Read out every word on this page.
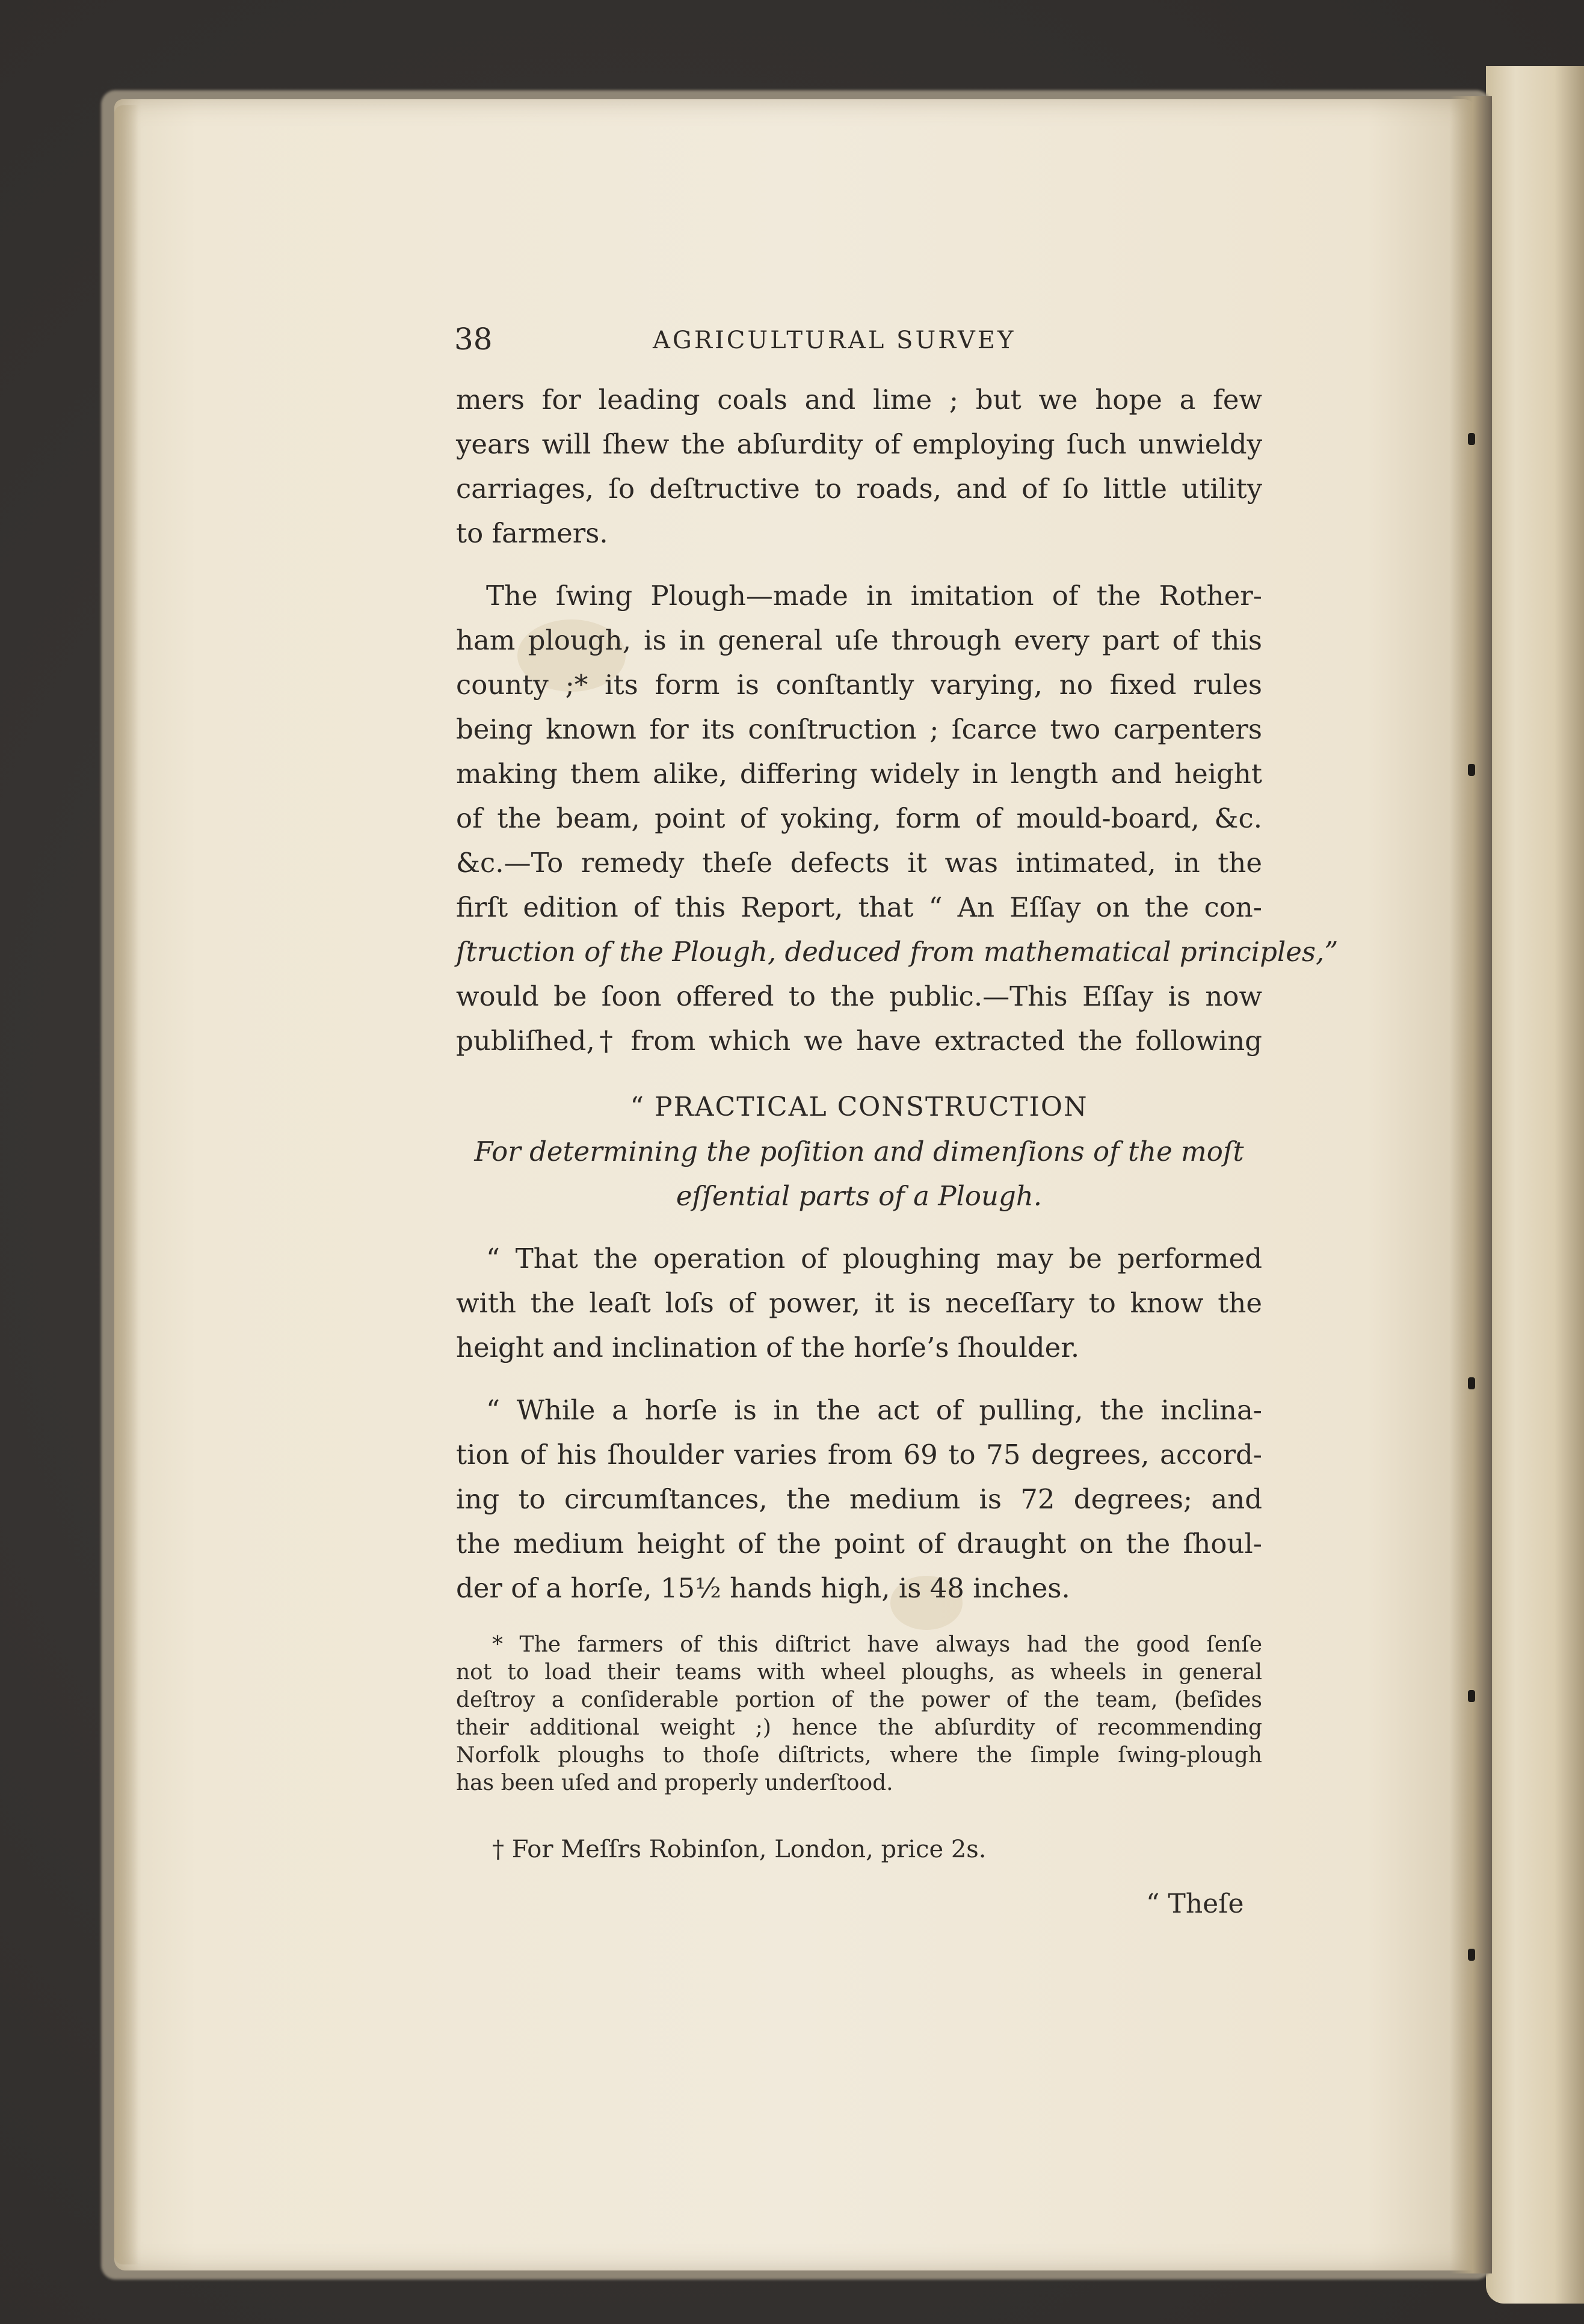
38	AGRICULTURAL SURVEY
mers for leading coals and lime ; but we hope a few
years will ſhew the abſurdity of employing ſuch unwieldy
carriages, ſo deſtructive to roads, and of ſo little utility
to farmers.
The ſwing Plough—made in imitation of the Rother-
ham plough, is in general uſe through every part of this
county ;* its form is conſtantly varying, no fixed rules
being known for its conſtruction ; ſcarce two carpenters
making them alike, differing widely in length and height
of the beam, point of yoking, form of mould-board, &c.
&c.—To remedy theſe defects it was intimated, in the
firſt edition of this Report, that “ An Eſſay on the con-
ſtruction of the Plough, deduced from mathematical principles,”
would be ſoon offered to the public.—This Eſſay is now
publiſhed,† from which we have extracted the following
“ PRACTICAL CONSTRUCTION
For determining the poſition and dimenſions of the moſt
eſſential parts of a Plough.
“ That the operation of ploughing may be performed
with the leaſt loſs of power, it is neceſſary to know the
height and inclination of the horſe’s ſhoulder.
“ While a horſe is in the act of pulling, the inclina-
tion of his ſhoulder varies from 69 to 75 degrees, accord-
ing to circumſtances, the medium is 72 degrees; and
the medium height of the point of draught on the ſhoul-
der of a horſe, 15½ hands high, is 48 inches.
* The farmers of this diſtrict have always had the good ſenſe
not to load their teams with wheel ploughs, as wheels in general
deſtroy a conſiderable portion of the power of the team, (beſides
their additional weight ;) hence the abſurdity of recommending
Norfolk ploughs to thoſe diſtricts, where the ſimple ſwing-plough
has been uſed and properly underſtood.
† For Meſſrs Robinſon, London, price 2s.
“ Theſe
